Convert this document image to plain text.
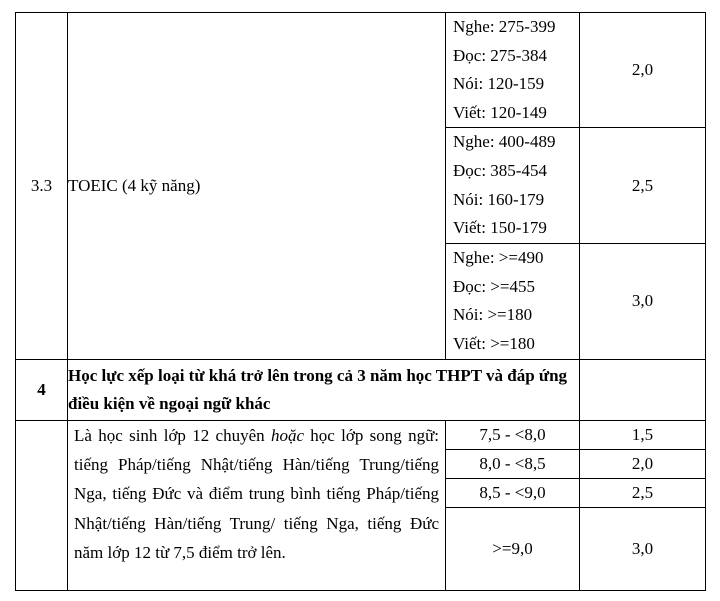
3.3	TOEIC (4 kỹ năng)	Nghe: 275-399
Đọc: 275-384
Nói: 120-159
Viết: 120-149	2,0

		Nghe: 400-489
Đọc: 385-454
Nói: 160-179
Viết: 150-179	2,5

		Nghe: >=490
Đọc: >=455
Nói: >=180
Viết: >=180	3,0
4	Học lực xếp loại từ khá trở lên trong cả 3 năm học THPT và đáp ứng điều kiện về ngoại ngữ khác		

	Là học sinh lớp 12 chuyên hoặc học lớp song ngữ: tiếng Pháp/tiếng Nhật/tiếng Hàn/tiếng Trung/tiếng Nga, tiếng Đức và điểm trung bình tiếng Pháp/tiếng Nhật/tiếng Hàn/tiếng Trung/ tiếng Nga, tiếng Đức năm lớp 12 từ 7,5 điểm trở lên.	7,5 - <8,0	1,5
		8,0 - <8,5	2,0
		8,5 - <9,0	2,5
		>=9,0	3,0
